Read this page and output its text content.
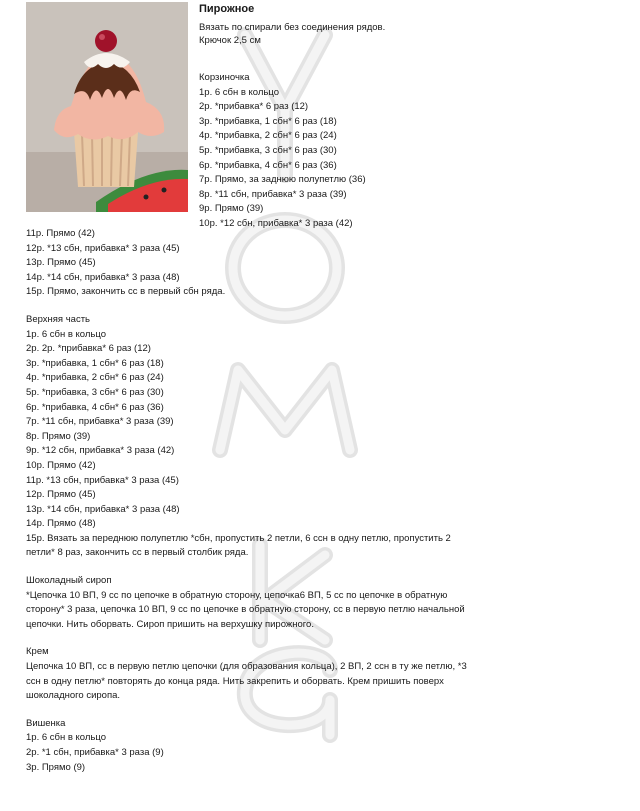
Пирожное
Вязать по спирали без соединения рядов.
Крючок 2,5 см
Корзиночка
1р. 6 сбн в кольцо
2р. *прибавка* 6 раз (12)
3р. *прибавка, 1 сбн* 6 раз (18)
4р. *прибавка, 2 сбн* 6 раз (24)
5р. *прибавка, 3 сбн* 6 раз (30)
6р. *прибавка, 4 сбн* 6 раз (36)
7р. Прямо, за заднюю полупетлю (36)
8р. *11 сбн, прибавка* 3 раза (39)
9р. Прямо (39)
10р. *12 сбн, прибавка* 3 раза (42)
11р. Прямо (42)
12р. *13 сбн, прибавка* 3 раза (45)
13р. Прямо (45)
14р. *14 сбн, прибавка* 3 раза (48)
15р. Прямо, закончить сс в первый сбн ряда.
Верхняя часть
1р. 6 сбн в кольцо
2р. 2р. *прибавка* 6 раз (12)
3р. *прибавка, 1 сбн* 6 раз (18)
4р. *прибавка, 2 сбн* 6 раз (24)
5р. *прибавка, 3 сбн* 6 раз (30)
6р. *прибавка, 4 сбн* 6 раз (36)
7р. *11 сбн, прибавка* 3 раза (39)
8р. Прямо (39)
9р. *12 сбн, прибавка* 3 раза (42)
10р. Прямо (42)
11р. *13 сбн, прибавка* 3 раза (45)
12р. Прямо (45)
13р. *14 сбн, прибавка* 3 раза (48)
14р. Прямо (48)
15р. Вязать за переднюю полупетлю *сбн, пропустить 2 петли, 6 ссн в одну петлю, пропустить 2
петли* 8 раз, закончить сс в первый столбик ряда.
Шоколадный сироп
*Цепочка 10 ВП, 9 сс по цепочке в обратную сторону, цепочка6 ВП, 5 сс по цепочке в обратную
сторону* 3 раза, цепочка 10 ВП, 9 сс по цепочке в обратную сторону, сс в первую петлю начальной
цепочки. Нить оборвать. Сироп пришить на верхушку пирожного.
Крем
Цепочка 10 ВП, сс в первую петлю цепочки (для образования кольца), 2 ВП, 2 ссн в ту же петлю, *3
ссн в одну петлю* повторять до конца ряда. Нить закрепить и оборвать. Крем пришить поверх
шоколадного сиропа.
Вишенка
1р. 6 сбн в кольцо
2р. *1 сбн, прибавка* 3 раза (9)
3р. Прямо (9)
